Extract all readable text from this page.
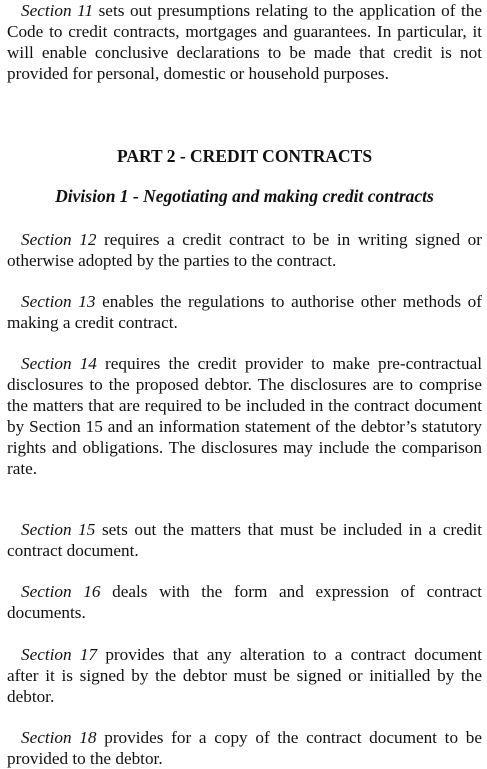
Section 11 sets out presumptions relating to the application of the Code to credit contracts, mortgages and guarantees. In particular, it will enable conclusive declarations to be made that credit is not provided for personal, domestic or household purposes.

PART 2 - CREDIT CONTRACTS
Division 1 - Negotiating and making credit contracts

Section 12 requires a credit contract to be in writing signed or otherwise adopted by the parties to the contract.

Section 13 enables the regulations to authorise other methods of making a credit contract.

Section 14 requires the credit provider to make pre-contractual disclosures to the proposed debtor. The disclosures are to comprise the matters that are required to be included in the contract document by Section 15 and an information statement of the debtor’s statutory rights and obligations. The disclosures may include the comparison rate.

Section 15 sets out the matters that must be included in a credit contract document.

Section 16 deals with the form and expression of contract documents.

Section 17 provides that any alteration to a contract document after it is signed by the debtor must be signed or initialled by the debtor.

Section 18 provides for a copy of the contract document to be provided to the debtor.
